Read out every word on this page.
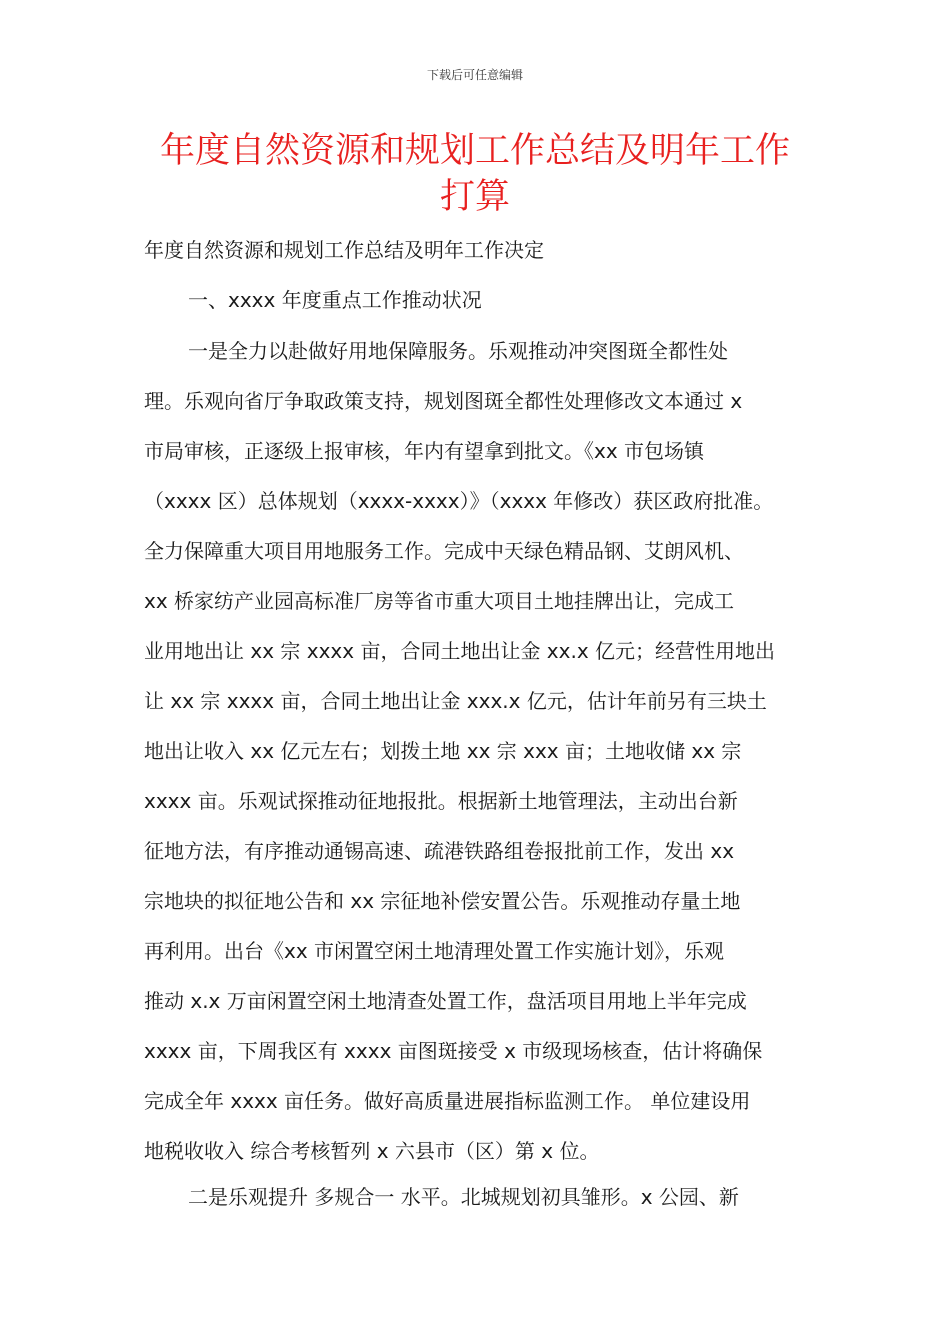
下载后可任意编辑
年度自然资源和规划工作总结及明年工作
打算

年度自然资源和规划工作总结及明年工作决定

一、xxxx 年度重点工作推动状况

一是全力以赴做好用地保障服务。乐观推动冲突图斑全都性处
理。乐观向省厅争取政策支持，规划图斑全都性处理修改文本通过 x
市局审核，正逐级上报审核，年内有望拿到批文。《xx 市包场镇
（xxxx 区）总体规划（xxxx-xxxx）》（xxxx 年修改）获区政府批准。
全力保障重大项目用地服务工作。完成中天绿色精品钢、艾朗风机、
xx 桥家纺产业园高标准厂房等省市重大项目土地挂牌出让，完成工
业用地出让 xx 宗 xxxx 亩，合同土地出让金 xx.x 亿元；经营性用地出
让 xx 宗 xxxx 亩，合同土地出让金 xxx.x 亿元，估计年前另有三块土
地出让收入 xx 亿元左右；划拨土地 xx 宗 xxx 亩；土地收储 xx 宗
xxxx 亩。乐观试探推动征地报批。根据新土地管理法，主动出台新
征地方法，有序推动通锡高速、疏港铁路组卷报批前工作，发出 xx
宗地块的拟征地公告和 xx 宗征地补偿安置公告。乐观推动存量土地
再利用。出台《xx 市闲置空闲土地清理处置工作实施计划》，乐观
推动 x.x 万亩闲置空闲土地清查处置工作，盘活项目用地上半年完成
xxxx 亩，下周我区有 xxxx 亩图斑接受 x 市级现场核查，估计将确保
完成全年 xxxx 亩任务。做好高质量进展指标监测工作。 单位建设用
地税收收入 综合考核暂列 x 六县市（区）第 x 位。
二是乐观提升 多规合一 水平。北城规划初具雏形。x 公园、新
